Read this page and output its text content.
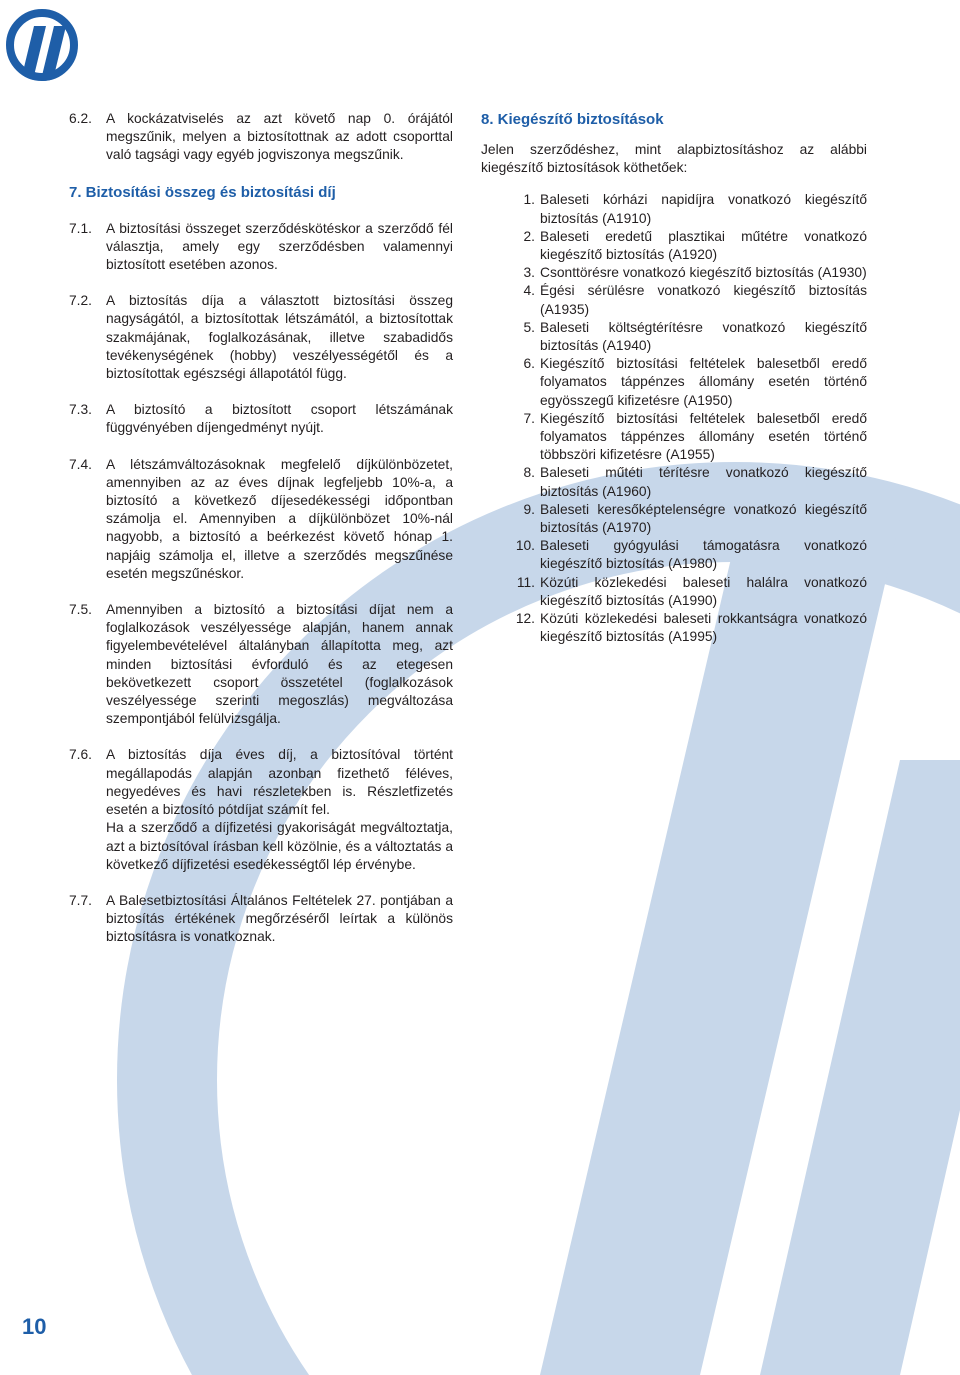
6.2.	A kockázatviselés az azt követő nap 0. órájától megszűnik, melyen a biztosítottnak az adott csoporttal való tagsági vagy egyéb jogviszonya megszűnik.

7. Biztosítási összeg és biztosítási díj
7.1.	A biztosítási összeget szerződéskötéskor a szerződő fél választja, amely egy szerződésben valamennyi biztosított esetében azonos.

7.2.	A biztosítás díja a választott biztosítási összeg nagyságától, a biztosítottak létszámától, a biztosítottak szakmájának, foglalkozásának, illetve szabadidős tevékenységének (hobby) veszélyességétől és a biztosítottak egészségi állapotától függ.

7.3.	A biztosító a biztosított csoport létszámának függvényében díjengedményt nyújt.

7.4.	A létszámváltozásoknak megfelelő díjkülönbözetet, amennyiben az az éves díjnak legfeljebb 10%-a, a biztosító a következő díjesedékességi időpontban számolja el. Amennyiben a díjkülönbözet 10%-nál nagyobb, a biztosító a beérkezést követő hónap 1. napjáig számolja el, illetve a szerződés megszűnése esetén megszűnéskor.

7.5.	Amennyiben a biztosító a biztosítási díjat nem a foglalkozások veszélyessége alapján, hanem annak figyelembevételével általányban állapította meg, azt minden biztosítási évforduló és az etegesen bekövetkezett csoport összetétel (foglalkozások veszélyessége szerinti megoszlás) megváltozása szempontjából felülvizsgálja.

7.6.	A biztosítás díja éves díj, a biztosítóval történt megállapodás alapján azonban fizethető féléves, negyedéves és havi részletekben is. Részletfizetés esetén a biztosító pótdíjat számít fel.

Ha a szerződő a díjfizetési gyakoriságát megváltoztatja, azt a biztosítóval írásban kell közölnie, és a változtatás a következő díjfizetési esedékességtől lép érvénybe.

7.7.	A Balesetbiztosítási Általános Feltételek 27. pontjában a biztosítás értékének megőrzéséről leírtak a különös biztosításra is vonatkoznak.

8. Kiegészítő biztosítások

Jelen szerződéshez, mint alapbiztosításhoz az alábbi kiegészítő biztosítások köthetőek:

1. Baleseti kórházi napidíjra vonatkozó kiegészítő biztosítás (A1910)
2. Baleseti eredetű plasztikai műtétre vonatkozó kiegészítő biztosítás (A1920)
3. Csonttörésre vonatkozó kiegészítő biztosítás (A1930)
4. Égési sérülésre vonatkozó kiegészítő biztosítás (A1935)
5. Baleseti költségtérítésre vonatkozó kiegészítő biztosítás (A1940)
6. Kiegészítő biztosítási feltételek balesetből eredő folyamatos táppénzes állomány esetén történő egyösszegű kifizetésre (A1950)
7. Kiegészítő biztosítási feltételek balesetből eredő folyamatos táppénzes állomány esetén történő többszöri kifizetésre (A1955)
8. Baleseti műtéti térítésre vonatkozó kiegészítő biztosítás (A1960)
9. Baleseti keresőképtelenségre vonatkozó kiegészítő biztosítás (A1970)
10. Baleseti gyógyulási támogatásra vonatkozó kiegészítő biztosítás (A1980)
11. Közúti közlekedési baleseti halálra vonatkozó kiegészítő biztosítás (A1990)
12. Közúti közlekedési baleseti rokkantságra vonatkozó kiegészítő biztosítás (A1995)
10
